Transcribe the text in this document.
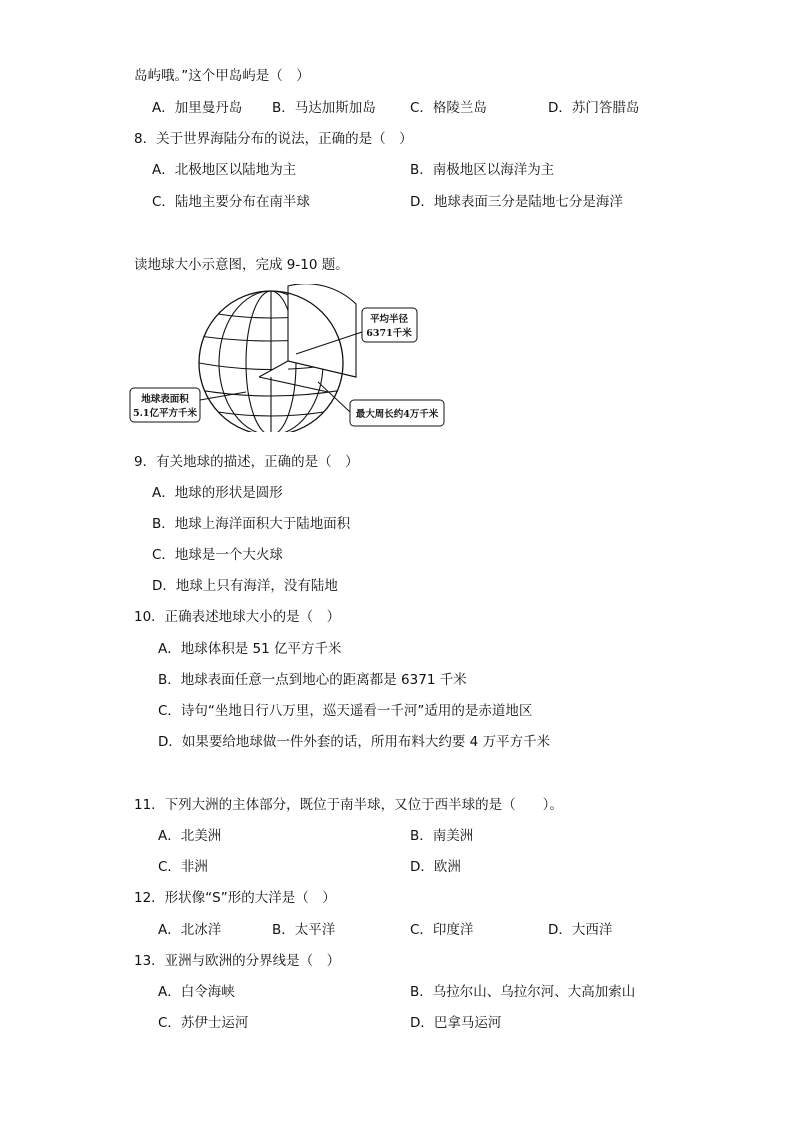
岛屿哦。”这个甲岛屿是（　）
A．加里曼丹岛 B．马达加斯加岛	C．格陵兰岛	D．苏门答腊岛
8．关于世界海陆分布的说法，正确的是（　）
A．北极地区以陆地为主	B．南极地区以海洋为主
C．陆地主要分布在南半球	D．地球表面三分是陆地七分是海洋
读地球大小示意图，完成 9-10 题。
平均半径
6371千米
地球表面积
5.1亿平方千米	最大周长约4万千米
9．有关地球的描述，正确的是（　）
A．地球的形状是圆形
B．地球上海洋面积大于陆地面积
C．地球是一个大火球
D．地球上只有海洋，没有陆地
10．正确表述地球大小的是（　）
A．地球体积是 51 亿平方千米
B．地球表面任意一点到地心的距离都是 6371 千米
C．诗句“坐地日行八万里，巡天遥看一千河”适用的是赤道地区
D．如果要给地球做一件外套的话，所用布料大约要 4 万平方千米
11．下列大洲的主体部分，既位于南半球，又位于西半球的是（　　）。
A．北美洲	B．南美洲
C．非洲	D．欧洲
12．形状像“S”形的大洋是（　）
A．北冰洋	B．太平洋	C．印度洋	D．大西洋
13．亚洲与欧洲的分界线是（　）
A．白令海峡	B．乌拉尔山、乌拉尔河、大高加索山
C．苏伊士运河	D．巴拿马运河
